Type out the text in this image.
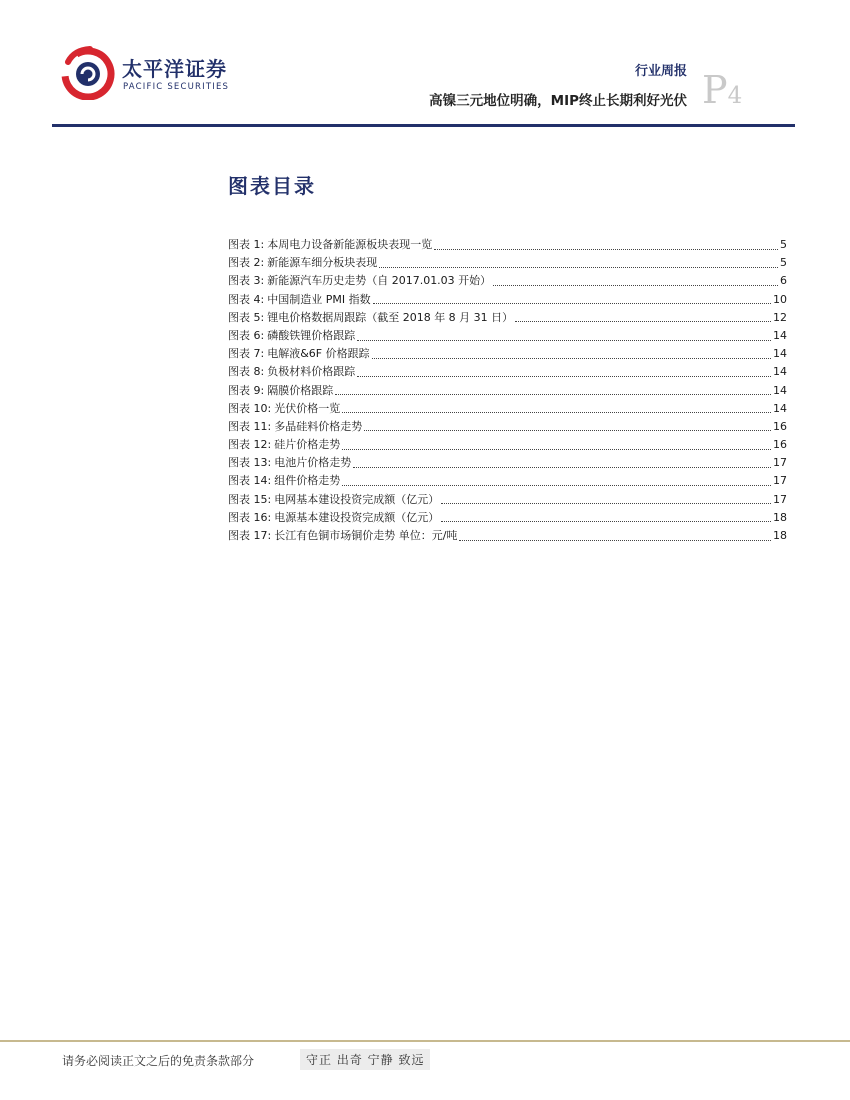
太平洋证券
PACIFIC SECURITIES
行业周报
高镍三元地位明确，MIP终止长期利好光伏 P4
图表目录
图表 1: 本周电力设备新能源板块表现一览	5
图表 2: 新能源车细分板块表现	5
图表 3: 新能源汽车历史走势（自 2017.01.03 开始）	6
图表 4: 中国制造业 PMI 指数	10
图表 5: 锂电价格数据周跟踪（截至 2018 年 8 月 31 日）	12
图表 6: 磷酸铁锂价格跟踪	14
图表 7: 电解液&6F 价格跟踪	14
图表 8: 负极材料价格跟踪	14
图表 9: 隔膜价格跟踪	14
图表 10: 光伏价格一览	14
图表 11: 多晶硅料价格走势	16
图表 12: 硅片价格走势	16
图表 13: 电池片价格走势	17
图表 14: 组件价格走势	17
图表 15: 电网基本建设投资完成额（亿元）	17
图表 16: 电源基本建设投资完成额（亿元）	18
图表 17: 长江有色铜市场铜价走势 单位：元/吨	18
请务必阅读正文之后的免责条款部分	守正 出奇 宁静 致远
